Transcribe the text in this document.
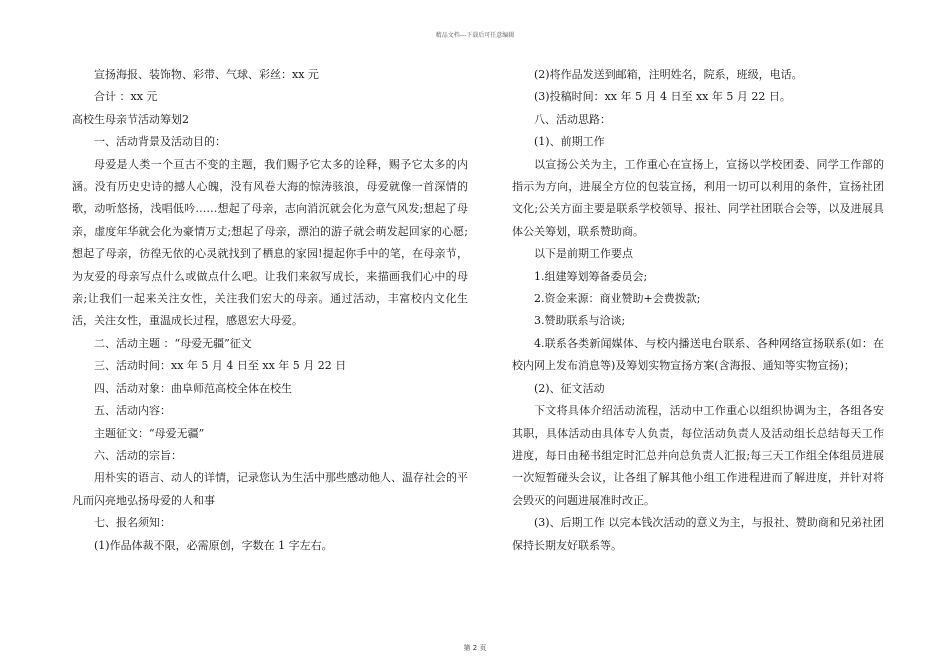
精品文档---下载后可任意编辑

宣扬海报、装饰物、彩带、气球、彩丝：xx 元

合计 ：xx 元

高校生母亲节活动筹划2

一、活动背景及活动目的：

母爱是人类一个亘古不变的主题，我们赐予它太多的诠释，赐予它太多的内涵。没有历史史诗的撼人心魄，没有风卷大海的惊涛骇浪，母爱就像一首深情的歌，动听悠扬，浅唱低吟……想起了母亲，志向消沉就会化为意气风发;想起了母亲，虚度年华就会化为豪情万丈;想起了母亲，漂泊的游子就会萌发起回家的心愿;想起了母亲，彷徨无依的心灵就找到了栖息的家园!提起你手中的笔，在母亲节，为友爱的母亲写点什么或做点什么吧。让我们来叙写成长，来描画我们心中的母亲;让我们一起来关注女性，关注我们宏大的母亲。通过活动，丰富校内文化生活，关注女性，重温成长过程，感恩宏大母爱。

二、活动主题 ：“母爱无疆”征文

三、活动时间：xx 年 5 月 4 日至 xx 年 5 月 22 日

四、活动对象：曲阜师范高校全体在校生

五、活动内容：

主题征文：“母爱无疆”

六、活动的宗旨：

用朴实的语言、动人的详情，记录您认为生活中那些感动他人、温存社会的平凡而闪亮地弘扬母爱的人和事

七、报名须知：

(1)作品体裁不限，必需原创，字数在 1 字左右。

(2)将作品发送到邮箱，注明姓名，院系，班级，电话。

(3)投稿时间：xx 年 5 月 4 日至 xx 年 5 月 22 日。

八、活动思路：

(1)、前期工作

以宣扬公关为主，工作重心在宣扬上，宣扬以学校团委、同学工作部的指示为方向，进展全方位的包装宣扬，利用一切可以利用的条件，宣扬社团文化;公关方面主要是联系学校领导、报社、同学社团联合会等，以及进展具体公关筹划，联系赞助商。

以下是前期工作要点

1.组建筹划筹备委员会;

2.资金来源：商业赞助+会费拨款;

3.赞助联系与洽谈;

4.联系各类新闻媒体、与校内播送电台联系、各种网络宣扬联系(如：在校内网上发布消息等)及筹划实物宣扬方案(含海报、通知等实物宣扬)；

(2)、征文活动

下文将具体介绍活动流程，活动中工作重心以组织协调为主，各组各安其职，具体活动由具体专人负责，每位活动负责人及活动组长总结每天工作进度，每日由秘书组定时汇总并向总负责人汇报;每三天工作组全体组员进展一次短暂碰头会议，让各组了解其他小组工作进程进而了解进度，并针对将会毁灭的问题进展准时改正。

(3)、后期工作 以完本钱次活动的意义为主，与报社、赞助商和兄弟社团保持长期友好联系等。

第 2 页
